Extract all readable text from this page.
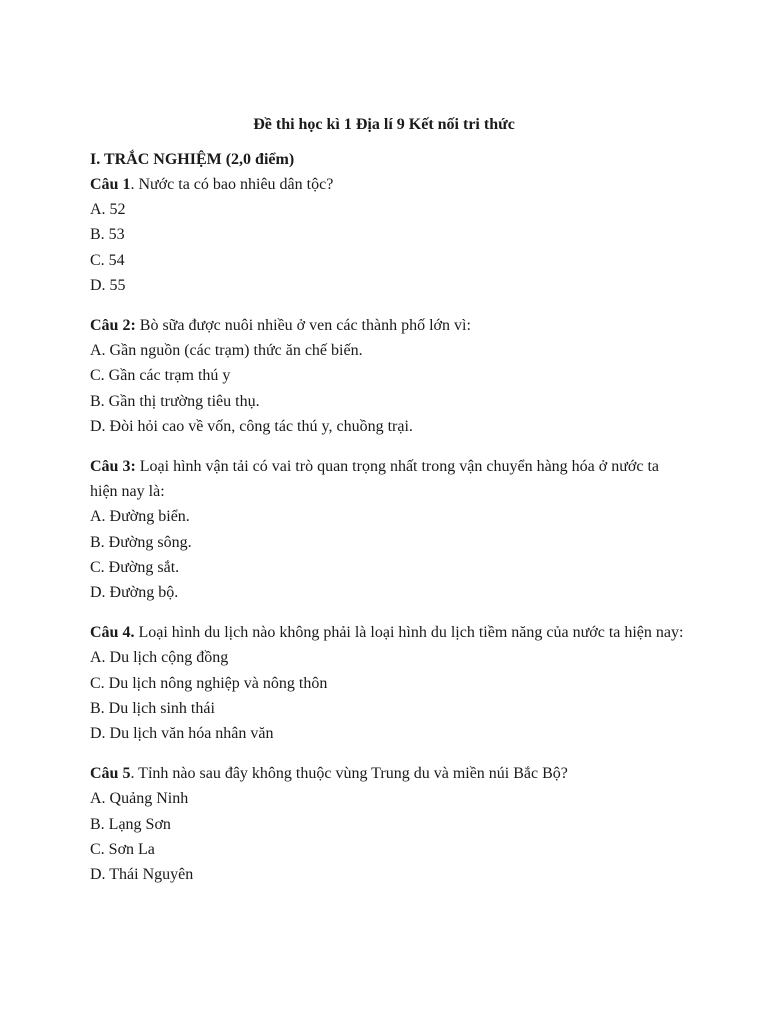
Đề thi học kì 1 Địa lí 9 Kết nối tri thức
I. TRẮC NGHIỆM (2,0 điểm)

Câu 1. Nước ta có bao nhiêu dân tộc?

A. 52
B. 53
C. 54
D. 55

Câu 2: Bò sữa được nuôi nhiều ở ven các thành phố lớn vì:

A. Gần nguồn (các trạm) thức ăn chế biến.
C. Gần các trạm thú y
B. Gần thị trường tiêu thụ.
D. Đòi hỏi cao về vốn, công tác thú y, chuồng trại.

Câu 3: Loại hình vận tải có vai trò quan trọng nhất trong vận chuyển hàng hóa ở nước ta hiện nay là:

A. Đường biển.
B. Đường sông.
C. Đường sắt.
D. Đường bộ.

Câu 4. Loại hình du lịch nào không phải là loại hình du lịch tiềm năng của nước ta hiện nay:

A. Du lịch cộng đồng
C. Du lịch nông nghiệp và nông thôn
B. Du lịch sinh thái
D. Du lịch văn hóa nhân văn

Câu 5. Tỉnh nào sau đây không thuộc vùng Trung du và miền núi Bắc Bộ?

A. Quảng Ninh
B. Lạng Sơn
C. Sơn La
D. Thái Nguyên
